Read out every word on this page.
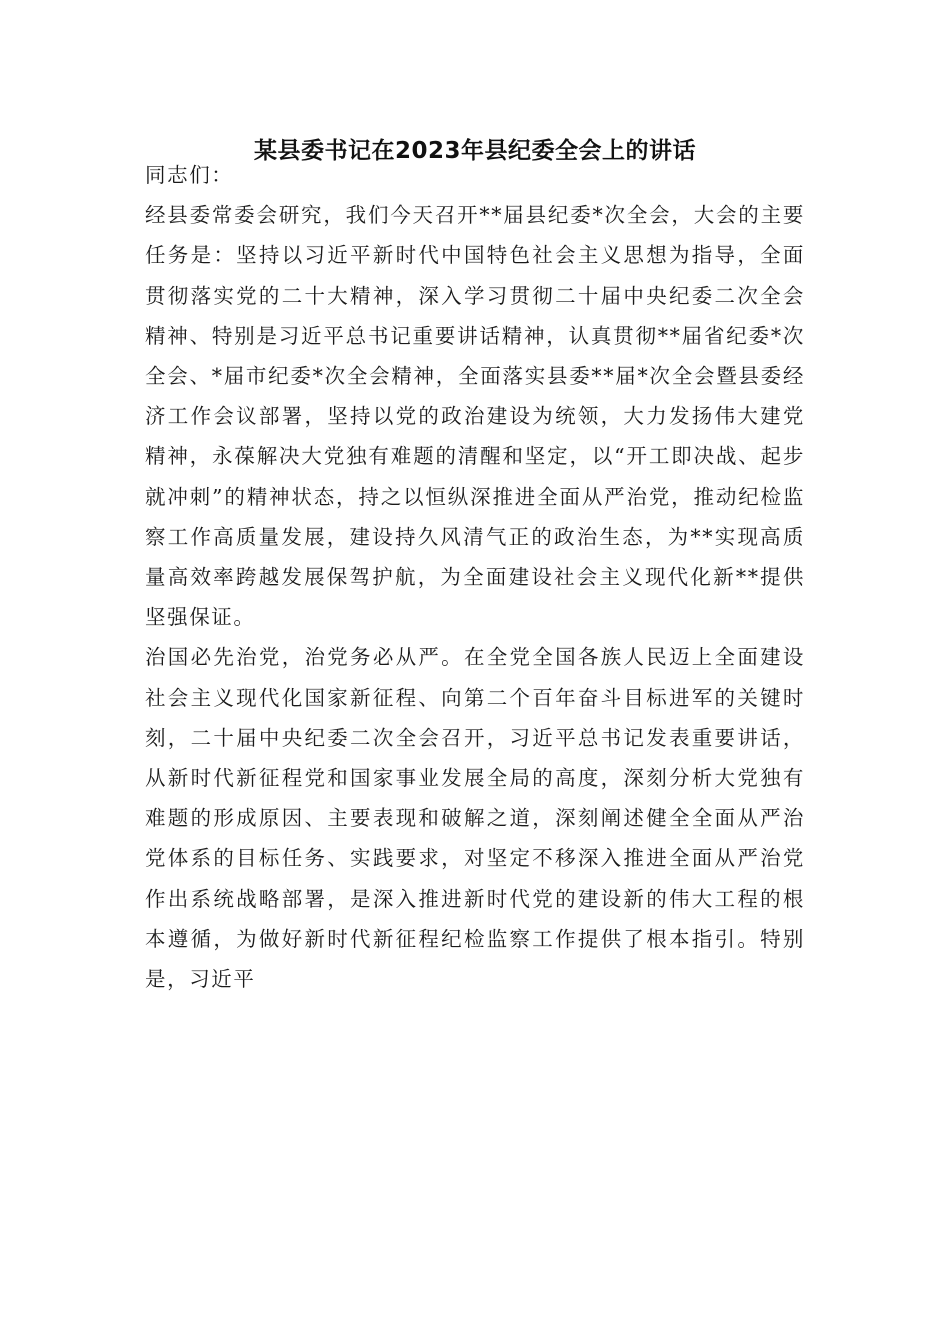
某县委书记在2023年县纪委全会上的讲话

同志们：

经县委常委会研究，我们今天召开**届县纪委*次全会，大会的主要任务是：坚持以习近平新时代中国特色社会主义思想为指导，全面贯彻落实党的二十大精神，深入学习贯彻二十届中央纪委二次全会精神、特别是习近平总书记重要讲话精神，认真贯彻**届省纪委*次全会、*届市纪委*次全会精神，全面落实县委**届*次全会暨县委经济工作会议部署，坚持以党的政治建设为统领，大力发扬伟大建党精神，永葆解决大党独有难题的清醒和坚定，以“开工即决战、起步就冲刺”的精神状态，持之以恒纵深推进全面从严治党，推动纪检监察工作高质量发展，建设持久风清气正的政治生态，为**实现高质量高效率跨越发展保驾护航，为全面建设社会主义现代化新**提供坚强保证。

治国必先治党，治党务必从严。在全党全国各族人民迈上全面建设社会主义现代化国家新征程、向第二个百年奋斗目标进军的关键时刻，二十届中央纪委二次全会召开，习近平总书记发表重要讲话，从新时代新征程党和国家事业发展全局的高度，深刻分析大党独有难题的形成原因、主要表现和破解之道，深刻阐述健全全面从严治党体系的目标任务、实践要求，对坚定不移深入推进全面从严治党作出系统战略部署，是深入推进新时代党的建设新的伟大工程的根本遵循，为做好新时代新征程纪检监察工作提供了根本指引。特别是，习近平
